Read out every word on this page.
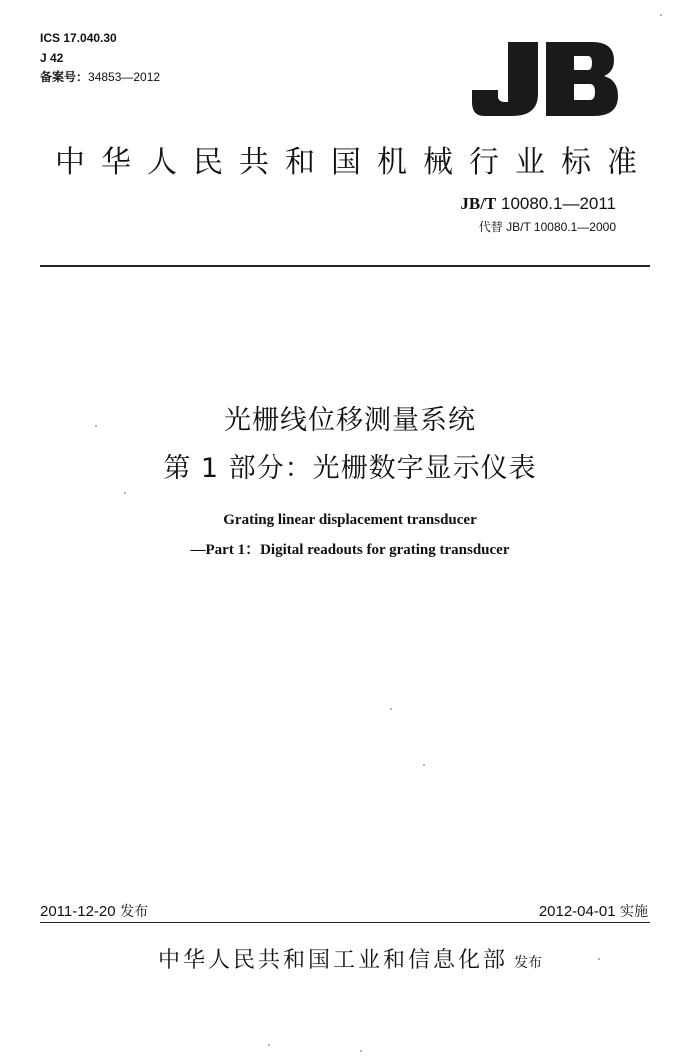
ICS 17.040.30
J 42
备案号：34853—2012
中华人民共和国机械行业标准
JB/T 10080.1—2011
代替 JB/T 10080.1—2000
光栅线位移测量系统
第 1 部分：光栅数字显示仪表
Grating linear displacement transducer
—Part 1：Digital readouts for grating transducer
2011-12-20 发布	2012-04-01 实施
中华人民共和国工业和信息化部 发布
